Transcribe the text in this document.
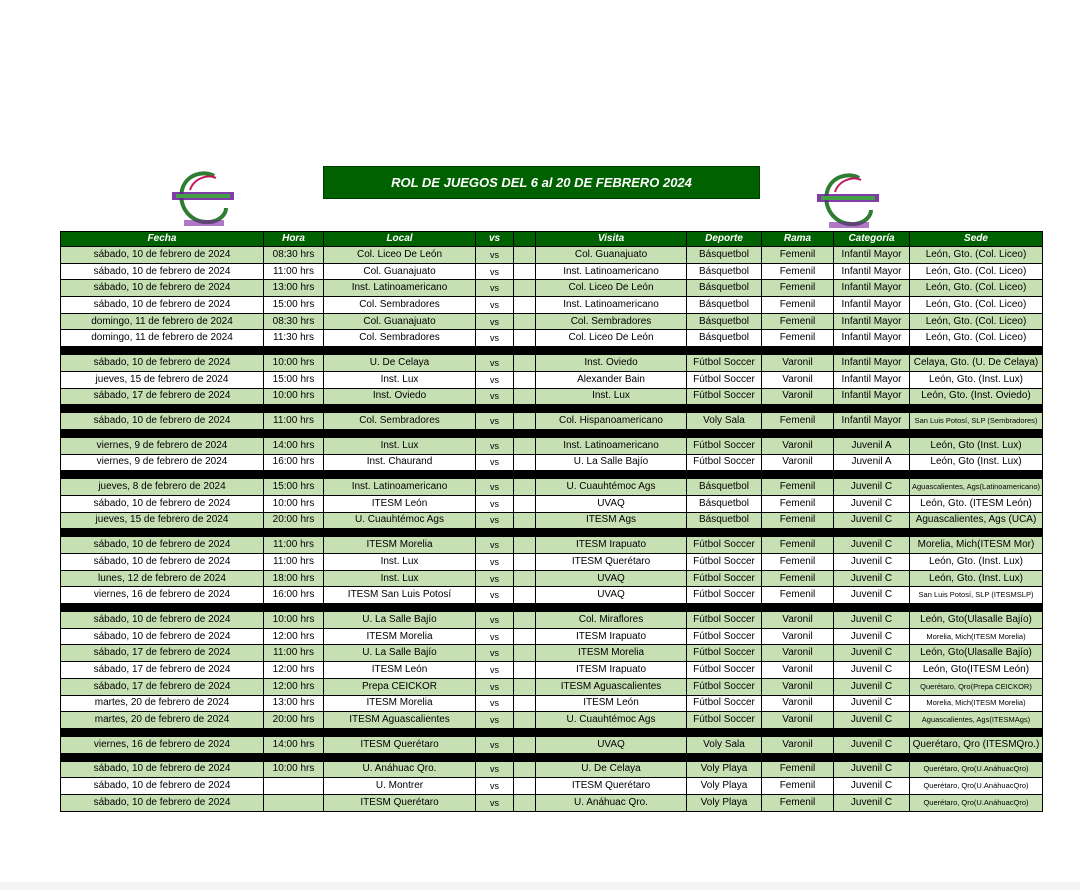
ROL DE JUEGOS DEL 6 al 20 DE FEBRERO 2024
Fecha	Hora	Local	vs		Visita	Deporte	Rama	Categoría	Sede
sábado, 10 de febrero de 2024	08:30 hrs	Col. Liceo De León	vs		Col. Guanajuato	Básquetbol	Femenil	Infantil Mayor	León, Gto. (Col. Liceo)
sábado, 10 de febrero de 2024	11:00 hrs	Col. Guanajuato	vs		Inst. Latinoamericano	Básquetbol	Femenil	Infantil Mayor	León, Gto. (Col. Liceo)
sábado, 10 de febrero de 2024	13:00 hrs	Inst. Latinoamericano	vs		Col. Liceo De León	Básquetbol	Femenil	Infantil Mayor	León, Gto. (Col. Liceo)
sábado, 10 de febrero de 2024	15:00 hrs	Col. Sembradores	vs		Inst. Latinoamericano	Básquetbol	Femenil	Infantil Mayor	León, Gto. (Col. Liceo)
domingo, 11 de febrero de 2024	08:30 hrs	Col. Guanajuato	vs		Col. Sembradores	Básquetbol	Femenil	Infantil Mayor	León, Gto. (Col. Liceo)
domingo, 11 de febrero de 2024	11:30 hrs	Col. Sembradores	vs		Col. Liceo De León	Básquetbol	Femenil	Infantil Mayor	León, Gto. (Col. Liceo)

sábado, 10 de febrero de 2024	10:00 hrs	U. De Celaya	vs		Inst. Oviedo	Fútbol Soccer	Varonil	Infantil Mayor	Celaya, Gto. (U. De Celaya)
jueves, 15 de febrero de 2024	15:00 hrs	Inst. Lux	vs		Alexander Bain	Fútbol Soccer	Varonil	Infantil Mayor	León, Gto. (Inst. Lux)
sábado, 17 de febrero de 2024	10:00 hrs	Inst. Oviedo	vs		Inst. Lux	Fútbol Soccer	Varonil	Infantil Mayor	León, Gto. (Inst. Oviedo)

sábado, 10 de febrero de 2024	11:00 hrs	Col. Sembradores	vs		Col. Hispanoamericano	Voly Sala	Femenil	Infantil Mayor	San Luis Potosí, SLP (Sembradores)

viernes, 9 de febrero de 2024	14:00 hrs	Inst. Lux	vs		Inst. Latinoamericano	Fútbol Soccer	Varonil	Juvenil A	León, Gto (Inst. Lux)
viernes, 9 de febrero de 2024	16:00 hrs	Inst. Chaurand	vs		U. La Salle Bajío	Fútbol Soccer	Varonil	Juvenil A	León, Gto (Inst. Lux)

jueves, 8 de febrero de 2024	15:00 hrs	Inst. Latinoamericano	vs		U. Cuauhtémoc Ags	Básquetbol	Femenil	Juvenil C	Aguascalientes, Ags(Latinoamericano)
sábado, 10 de febrero de 2024	10:00 hrs	ITESM León	vs		UVAQ	Básquetbol	Femenil	Juvenil C	León, Gto. (ITESM León)
jueves, 15 de febrero de 2024	20:00 hrs	U. Cuauhtémoc Ags	vs		ITESM Ags	Básquetbol	Femenil	Juvenil C	Aguascalientes, Ags (UCA)

sábado, 10 de febrero de 2024	11:00 hrs	ITESM Morelia	vs		ITESM Irapuato	Fútbol Soccer	Femenil	Juvenil C	Morelia, Mich(ITESM Mor)
sábado, 10 de febrero de 2024	11:00 hrs	Inst. Lux	vs		ITESM Querétaro	Fútbol Soccer	Femenil	Juvenil C	León, Gto. (Inst. Lux)
lunes, 12 de febrero de 2024	18:00 hrs	Inst. Lux	vs		UVAQ	Fútbol Soccer	Femenil	Juvenil C	León, Gto. (Inst. Lux)
viernes, 16 de febrero de 2024	16:00 hrs	ITESM San Luis Potosí	vs		UVAQ	Fútbol Soccer	Femenil	Juvenil C	San Luis Potosí, SLP (ITESMSLP)

sábado, 10 de febrero de 2024	10:00 hrs	U. La Salle Bajío	vs		Col. Miraflores	Fútbol Soccer	Varonil	Juvenil C	León, Gto(Ulasalle Bajío)
sábado, 10 de febrero de 2024	12:00 hrs	ITESM Morelia	vs		ITESM Irapuato	Fútbol Soccer	Varonil	Juvenil C	Morelia, Mich(ITESM Morelia)
sábado, 17 de febrero de 2024	11:00 hrs	U. La Salle Bajío	vs		ITESM Morelia	Fútbol Soccer	Varonil	Juvenil C	León, Gto(Ulasalle Bajío)
sábado, 17 de febrero de 2024	12:00 hrs	ITESM León	vs		ITESM Irapuato	Fútbol Soccer	Varonil	Juvenil C	León, Gto(ITESM León)
sábado, 17 de febrero de 2024	12:00 hrs	Prepa CEICKOR	vs		ITESM Aguascalientes	Fútbol Soccer	Varonil	Juvenil C	Querétaro, Qro(Prepa CEICKOR)
martes, 20 de febrero de 2024	13:00 hrs	ITESM Morelia	vs		ITESM León	Fútbol Soccer	Varonil	Juvenil C	Morelia, Mich(ITESM Morelia)
martes, 20 de febrero de 2024	20:00 hrs	ITESM Aguascalientes	vs		U. Cuauhtémoc Ags	Fútbol Soccer	Varonil	Juvenil C	Aguascalientes, Ags(ITESMAgs)

viernes, 16 de febrero de 2024	14:00 hrs	ITESM Querétaro	vs		UVAQ	Voly Sala	Varonil	Juvenil C	Querétaro, Qro (ITESMQro.)

sábado, 10 de febrero de 2024	10:00 hrs	U. Anáhuac Qro.	vs		U. De Celaya	Voly Playa	Femenil	Juvenil C	Querétaro, Qro(U.AnáhuacQro)
sábado, 10 de febrero de 2024		U. Montrer	vs		ITESM Querétaro	Voly Playa	Femenil	Juvenil C	Querétaro, Qro(U.AnáhuacQro)
sábado, 10 de febrero de 2024		ITESM Querétaro	vs		U. Anáhuac Qro.	Voly Playa	Femenil	Juvenil C	Querétaro, Qro(U.AnáhuacQro)
